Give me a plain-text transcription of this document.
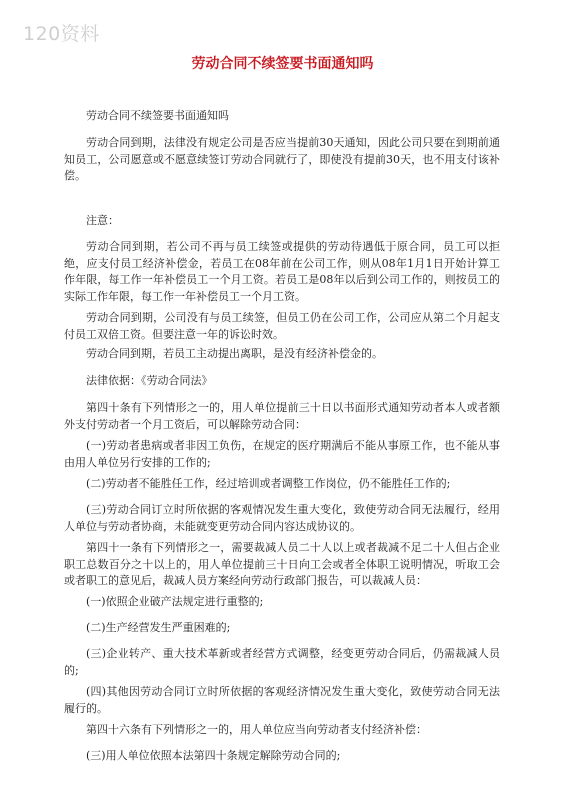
120资料
劳动合同不续签要书面通知吗
劳动合同不续签要书面通知吗
劳动合同到期，法律没有规定公司是否应当提前30天通知，因此公司只要在到期前通知员工，公司愿意或不愿意续签订劳动合同就行了，即使没有提前30天，也不用支付该补偿。
注意：
劳动合同到期，若公司不再与员工续签或提供的劳动待遇低于原合同，员工可以拒绝，应支付员工经济补偿金，若员工在08年前在公司工作，则从08年1月1日开始计算工作年限，每工作一年补偿员工一个月工资。若员工是08年以后到公司工作的，则按员工的实际工作年限，每工作一年补偿员工一个月工资。
劳动合同到期，公司没有与员工续签，但员工仍在公司工作，公司应从第二个月起支付员工双倍工资。但要注意一年的诉讼时效。
劳动合同到期，若员工主动提出离职，是没有经济补偿金的。
法律依据：《劳动合同法》
第四十条有下列情形之一的，用人单位提前三十日以书面形式通知劳动者本人或者额外支付劳动者一个月工资后，可以解除劳动合同：
(一)劳动者患病或者非因工负伤，在规定的医疗期满后不能从事原工作，也不能从事由用人单位另行安排的工作的;
(二)劳动者不能胜任工作，经过培训或者调整工作岗位，仍不能胜任工作的;
(三)劳动合同订立时所依据的客观情况发生重大变化，致使劳动合同无法履行，经用人单位与劳动者协商，未能就变更劳动合同内容达成协议的。
第四十一条有下列情形之一，需要裁减人员二十人以上或者裁减不足二十人但占企业职工总数百分之十以上的，用人单位提前三十日向工会或者全体职工说明情况，听取工会或者职工的意见后，裁减人员方案经向劳动行政部门报告，可以裁减人员：
(一)依照企业破产法规定进行重整的;
(二)生产经营发生严重困难的;
(三)企业转产、重大技术革新或者经营方式调整，经变更劳动合同后，仍需裁减人员的;
(四)其他因劳动合同订立时所依据的客观经济情况发生重大变化，致使劳动合同无法履行的。
第四十六条有下列情形之一的，用人单位应当向劳动者支付经济补偿：
(三)用人单位依照本法第四十条规定解除劳动合同的;
